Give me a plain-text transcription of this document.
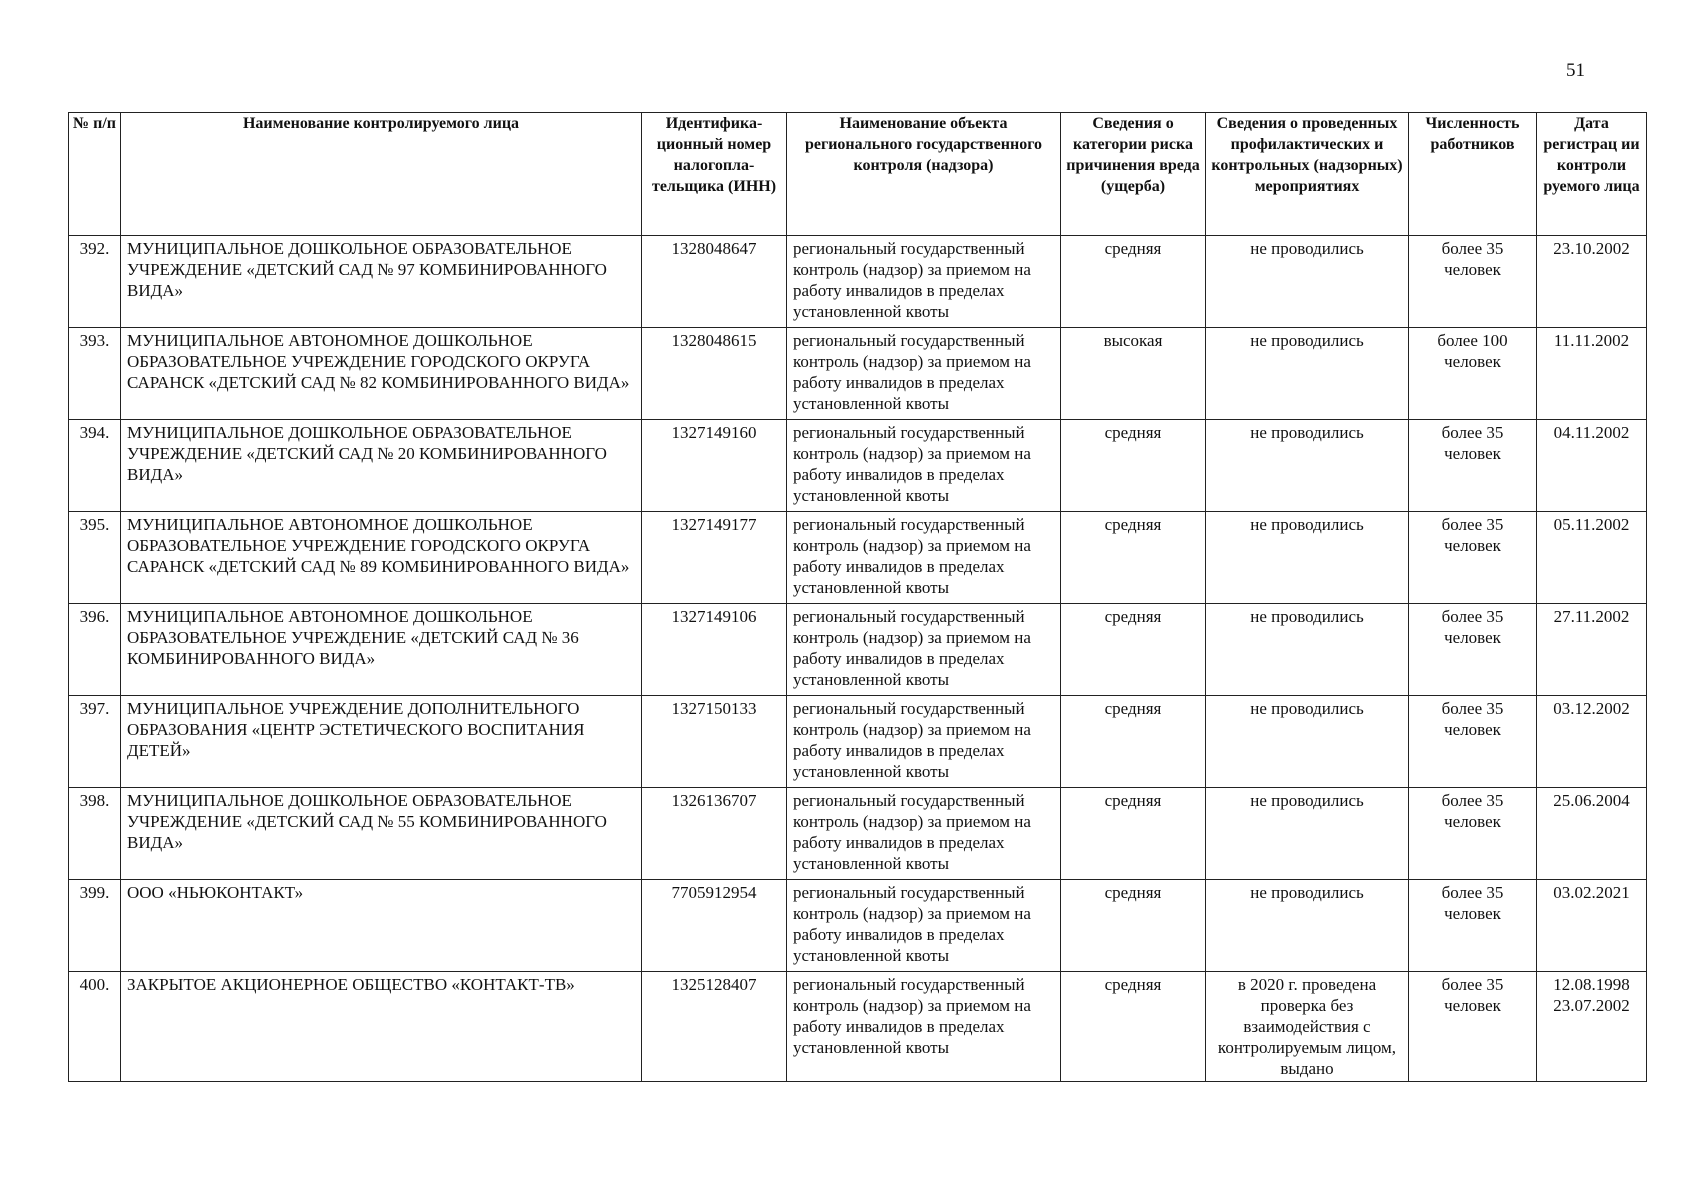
51
№ п/п	Наименование контролируемого лица	Идентифика-ционный номер налогопла-тельщика (ИНН)	Наименование объекта регионального государственного контроля (надзора)	Сведения о категории риска причинения вреда (ущерба)	Сведения о проведенных профилактических и контрольных (надзорных) мероприятиях	Численность работников	Дата регистрац ии контроли руемого лица
392.	МУНИЦИПАЛЬНОЕ ДОШКОЛЬНОЕ ОБРАЗОВАТЕЛЬНОЕ УЧРЕЖДЕНИЕ «ДЕТСКИЙ САД № 97 КОМБИНИРОВАННОГО ВИДА»	1328048647	региональный государственный контроль (надзор) за приемом на работу инвалидов в пределах установленной квоты	средняя	не проводились	более 35 человек	23.10.2002
393.	МУНИЦИПАЛЬНОЕ АВТОНОМНОЕ ДОШКОЛЬНОЕ ОБРАЗОВАТЕЛЬНОЕ УЧРЕЖДЕНИЕ ГОРОДСКОГО ОКРУГА САРАНСК «ДЕТСКИЙ САД № 82 КОМБИНИРОВАННОГО ВИДА»	1328048615	региональный государственный контроль (надзор) за приемом на работу инвалидов в пределах установленной квоты	высокая	не проводились	более 100 человек	11.11.2002
394.	МУНИЦИПАЛЬНОЕ ДОШКОЛЬНОЕ ОБРАЗОВАТЕЛЬНОЕ УЧРЕЖДЕНИЕ «ДЕТСКИЙ САД № 20 КОМБИНИРОВАННОГО ВИДА»	1327149160	региональный государственный контроль (надзор) за приемом на работу инвалидов в пределах установленной квоты	средняя	не проводились	более 35 человек	04.11.2002
395.	МУНИЦИПАЛЬНОЕ АВТОНОМНОЕ ДОШКОЛЬНОЕ ОБРАЗОВАТЕЛЬНОЕ УЧРЕЖДЕНИЕ ГОРОДСКОГО ОКРУГА САРАНСК «ДЕТСКИЙ САД № 89 КОМБИНИРОВАННОГО ВИДА»	1327149177	региональный государственный контроль (надзор) за приемом на работу инвалидов в пределах установленной квоты	средняя	не проводились	более 35 человек	05.11.2002
396.	МУНИЦИПАЛЬНОЕ АВТОНОМНОЕ ДОШКОЛЬНОЕ ОБРАЗОВАТЕЛЬНОЕ УЧРЕЖДЕНИЕ «ДЕТСКИЙ САД № 36 КОМБИНИРОВАННОГО ВИДА»	1327149106	региональный государственный контроль (надзор) за приемом на работу инвалидов в пределах установленной квоты	средняя	не проводились	более 35 человек	27.11.2002
397.	МУНИЦИПАЛЬНОЕ УЧРЕЖДЕНИЕ ДОПОЛНИТЕЛЬНОГО ОБРАЗОВАНИЯ «ЦЕНТР ЭСТЕТИЧЕСКОГО ВОСПИТАНИЯ ДЕТЕЙ»	1327150133	региональный государственный контроль (надзор) за приемом на работу инвалидов в пределах установленной квоты	средняя	не проводились	более 35 человек	03.12.2002
398.	МУНИЦИПАЛЬНОЕ ДОШКОЛЬНОЕ ОБРАЗОВАТЕЛЬНОЕ УЧРЕЖДЕНИЕ «ДЕТСКИЙ САД № 55 КОМБИНИРОВАННОГО ВИДА»	1326136707	региональный государственный контроль (надзор) за приемом на работу инвалидов в пределах установленной квоты	средняя	не проводились	более 35 человек	25.06.2004
399.	ООО «НЬЮКОНТАКТ»	7705912954	региональный государственный контроль (надзор) за приемом на работу инвалидов в пределах установленной квоты	средняя	не проводились	более 35 человек	03.02.2021
400.	ЗАКРЫТОЕ АКЦИОНЕРНОЕ ОБЩЕСТВО «КОНТАКТ-ТВ»	1325128407	региональный государственный контроль (надзор) за приемом на работу инвалидов в пределах установленной квоты	средняя	в 2020 г. проведена проверка без взаимодействия с контролируемым лицом, выдано	более 35 человек	12.08.1998 23.07.2002
